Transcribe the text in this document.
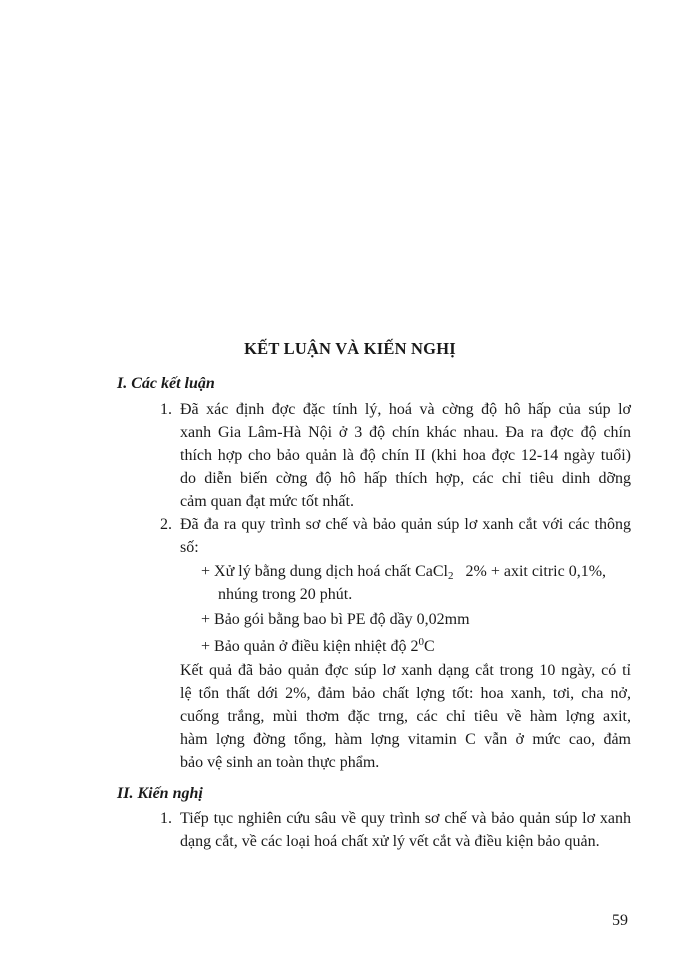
KẾT LUẬN VÀ KIẾN NGHỊ
I. Các kết luận
1. Đã xác định đợc đặc tính lý, hoá và cờng độ hô hấp của súp lơ
xanh Gia Lâm-Hà Nội ở 3 độ chín khác nhau. Đa ra đợc độ chín
thích hợp cho bảo quản là độ chín II (khi hoa đợc 12-14 ngày tuổi)
do diễn biến cờng độ hô hấp thích hợp, các chỉ tiêu dinh dỡng
cảm quan đạt mức tốt nhất.
2. Đã đa ra quy trình sơ chế và bảo quản súp lơ xanh cắt với các thông
số:
+ Xử lý bằng dung dịch hoá chất CaCl$_2$   2% + axit citric 0,1%,
nhúng trong 20 phút.
+ Bảo gói bằng bao bì PE độ dầy 0,02mm
+ Bảo quản ở điều kiện nhiệt độ $2^0C$
Kết quả đã bảo quản đợc súp lơ xanh dạng cắt trong 10 ngày, có tỉ
lệ tổn thất dới 2%, đảm bảo chất lợng tốt: hoa xanh, tơi, cha nở,
cuống trắng, mùi thơm đặc trng, các chỉ tiêu về hàm lợng axit,
hàm lợng đờng tổng, hàm lợng vitamin C vẫn ở mức cao, đảm
bảo vệ sinh an toàn thực phẩm.
II. Kiến nghị
1. Tiếp tục nghiên cứu sâu về quy trình sơ chế và bảo quản súp lơ xanh
dạng cắt, về các loại hoá chất xử lý vết cắt và điều kiện bảo quản.
59
